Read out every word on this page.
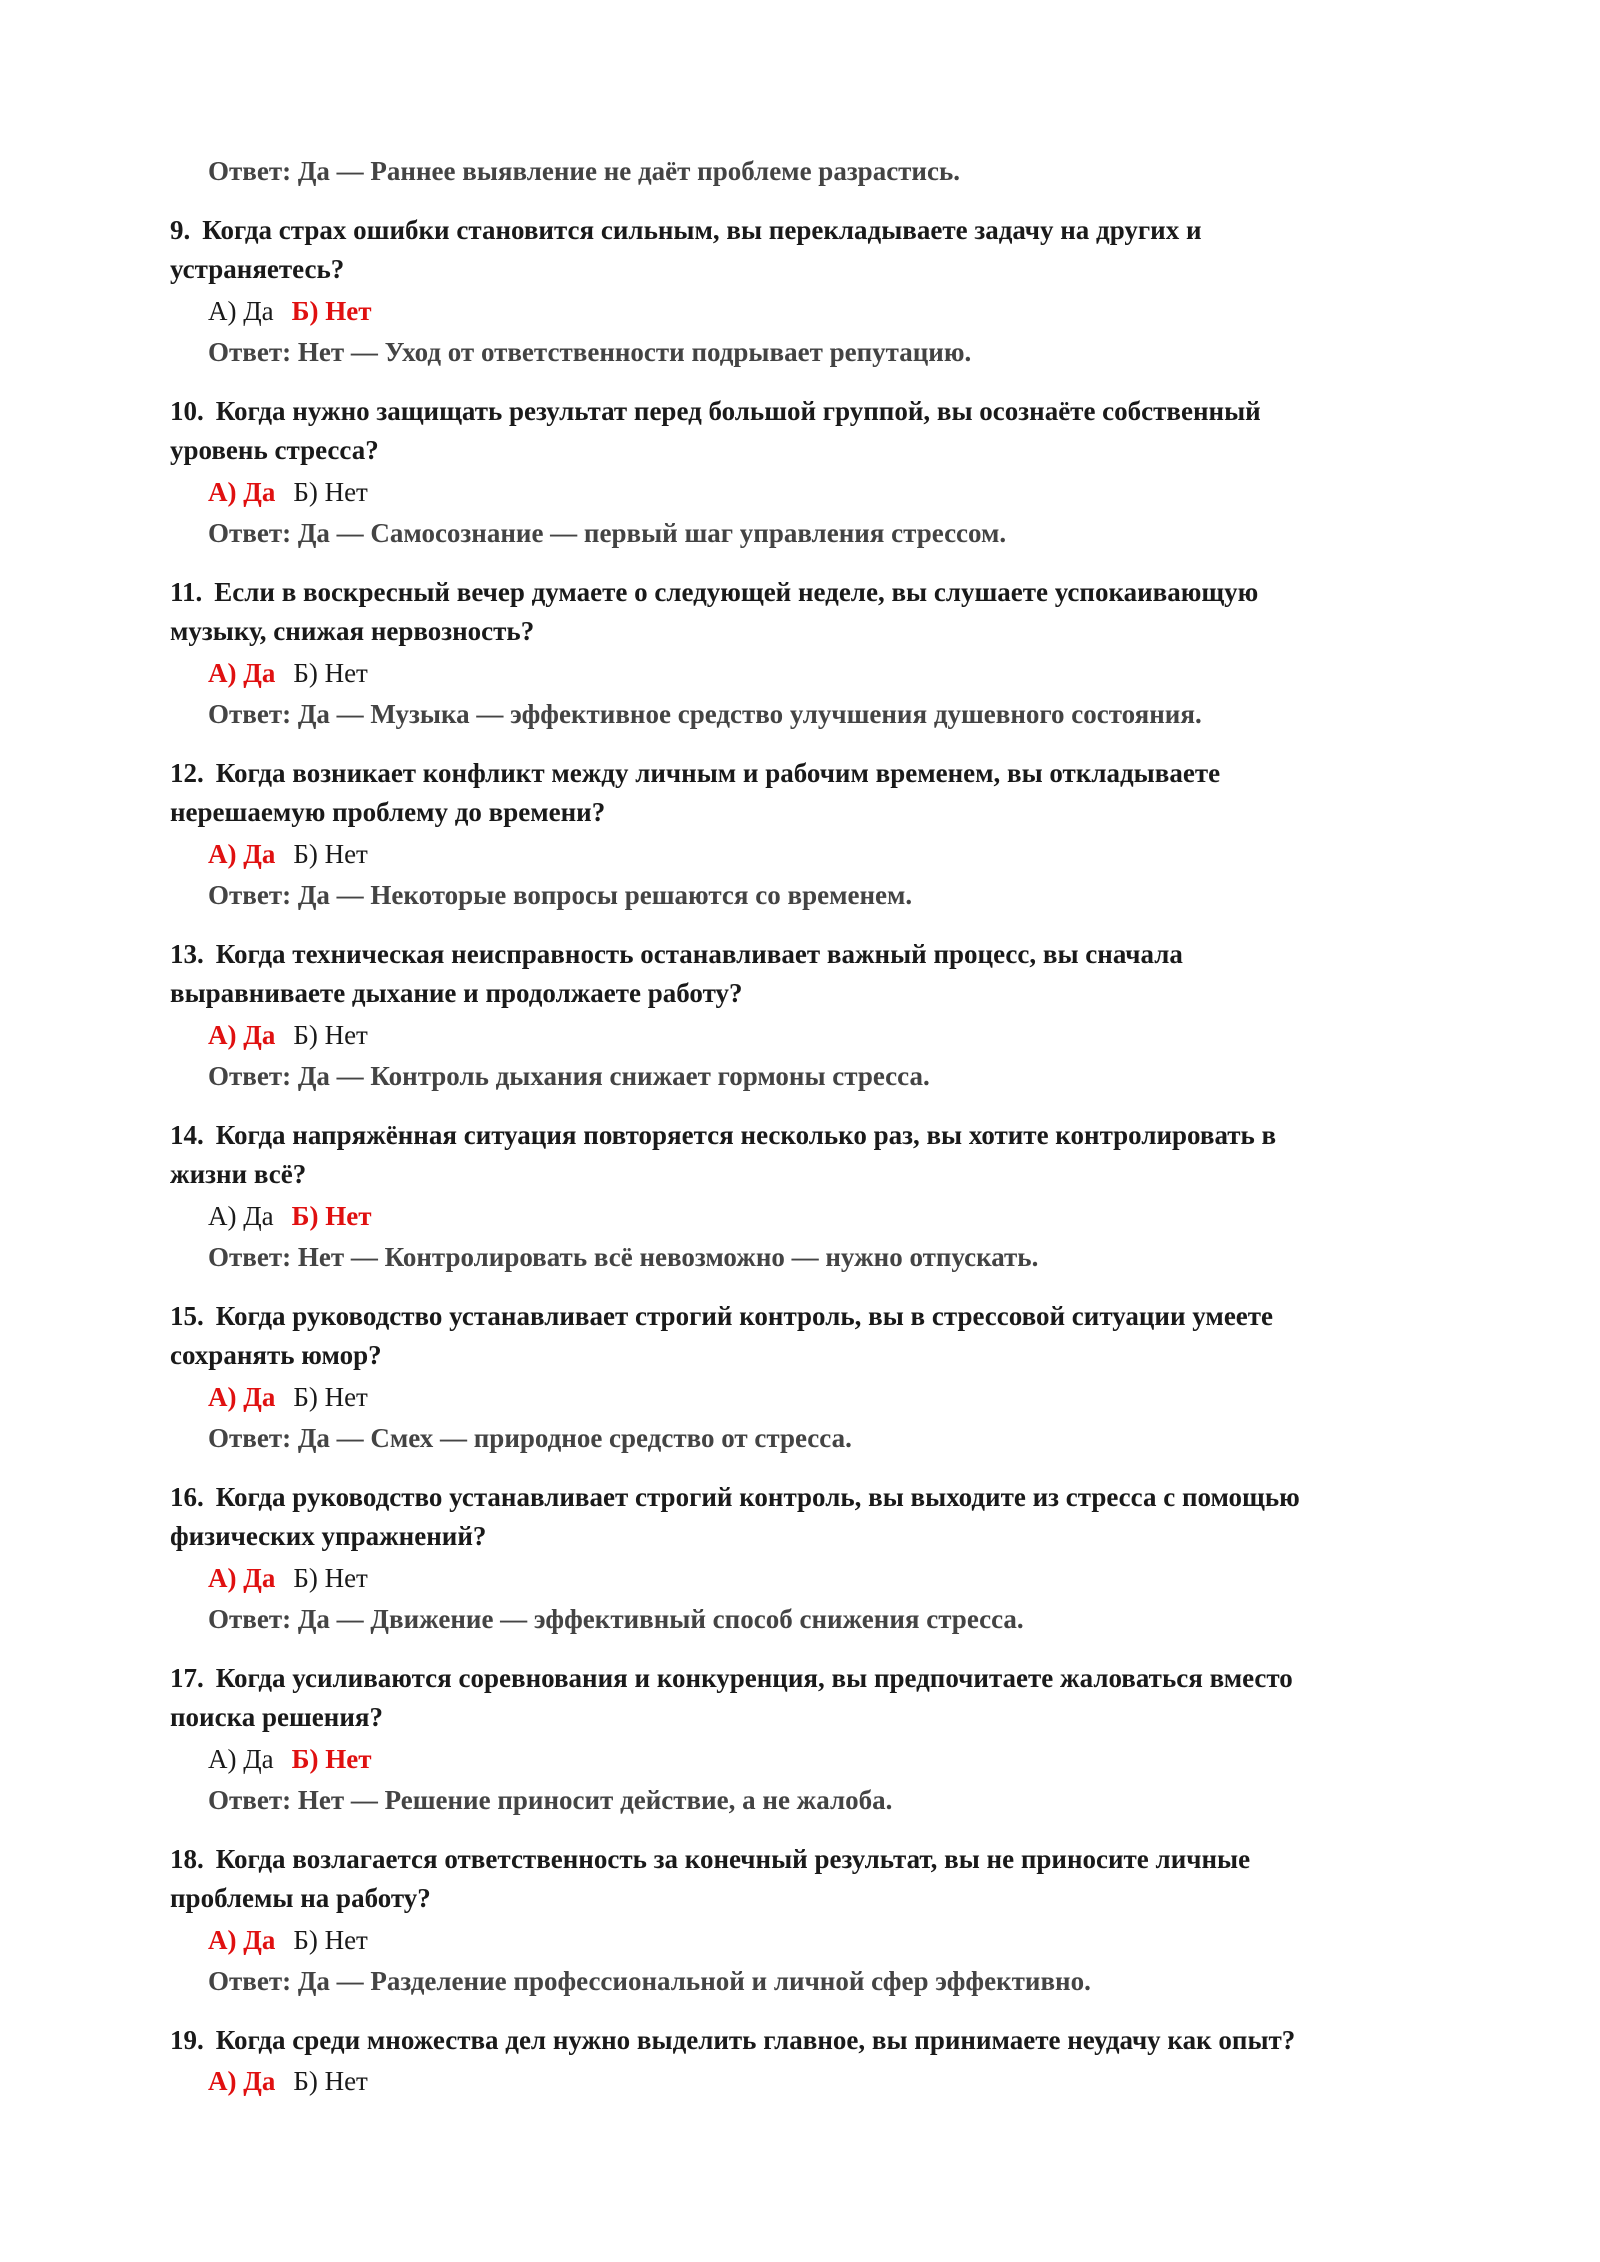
Ответ: Да — Раннее выявление не даёт проблеме разрастись.
9. Когда страх ошибки становится сильным, вы перекладываете задачу на других и
устраняетесь?
А) Да Б) Нет
Ответ: Нет — Уход от ответственности подрывает репутацию.
10. Когда нужно защищать результат перед большой группой, вы осознаёте собственный
уровень стресса?
А) Да Б) Нет
Ответ: Да — Самосознание — первый шаг управления стрессом.
11. Если в воскресный вечер думаете о следующей неделе, вы слушаете успокаивающую
музыку, снижая нервозность?
А) Да Б) Нет
Ответ: Да — Музыка — эффективное средство улучшения душевного состояния.
12. Когда возникает конфликт между личным и рабочим временем, вы откладываете
нерешаемую проблему до времени?
А) Да Б) Нет
Ответ: Да — Некоторые вопросы решаются со временем.
13. Когда техническая неисправность останавливает важный процесс, вы сначала
выравниваете дыхание и продолжаете работу?
А) Да Б) Нет
Ответ: Да — Контроль дыхания снижает гормоны стресса.
14. Когда напряжённая ситуация повторяется несколько раз, вы хотите контролировать в
жизни всё?
А) Да Б) Нет
Ответ: Нет — Контролировать всё невозможно — нужно отпускать.
15. Когда руководство устанавливает строгий контроль, вы в стрессовой ситуации умеете
сохранять юмор?
А) Да Б) Нет
Ответ: Да — Смех — природное средство от стресса.
16. Когда руководство устанавливает строгий контроль, вы выходите из стресса с помощью
физических упражнений?
А) Да Б) Нет
Ответ: Да — Движение — эффективный способ снижения стресса.
17. Когда усиливаются соревнования и конкуренция, вы предпочитаете жаловаться вместо
поиска решения?
А) Да Б) Нет
Ответ: Нет — Решение приносит действие, а не жалоба.
18. Когда возлагается ответственность за конечный результат, вы не приносите личные
проблемы на работу?
А) Да Б) Нет
Ответ: Да — Разделение профессиональной и личной сфер эффективно.
19. Когда среди множества дел нужно выделить главное, вы принимаете неудачу как опыт?
А) Да Б) Нет
